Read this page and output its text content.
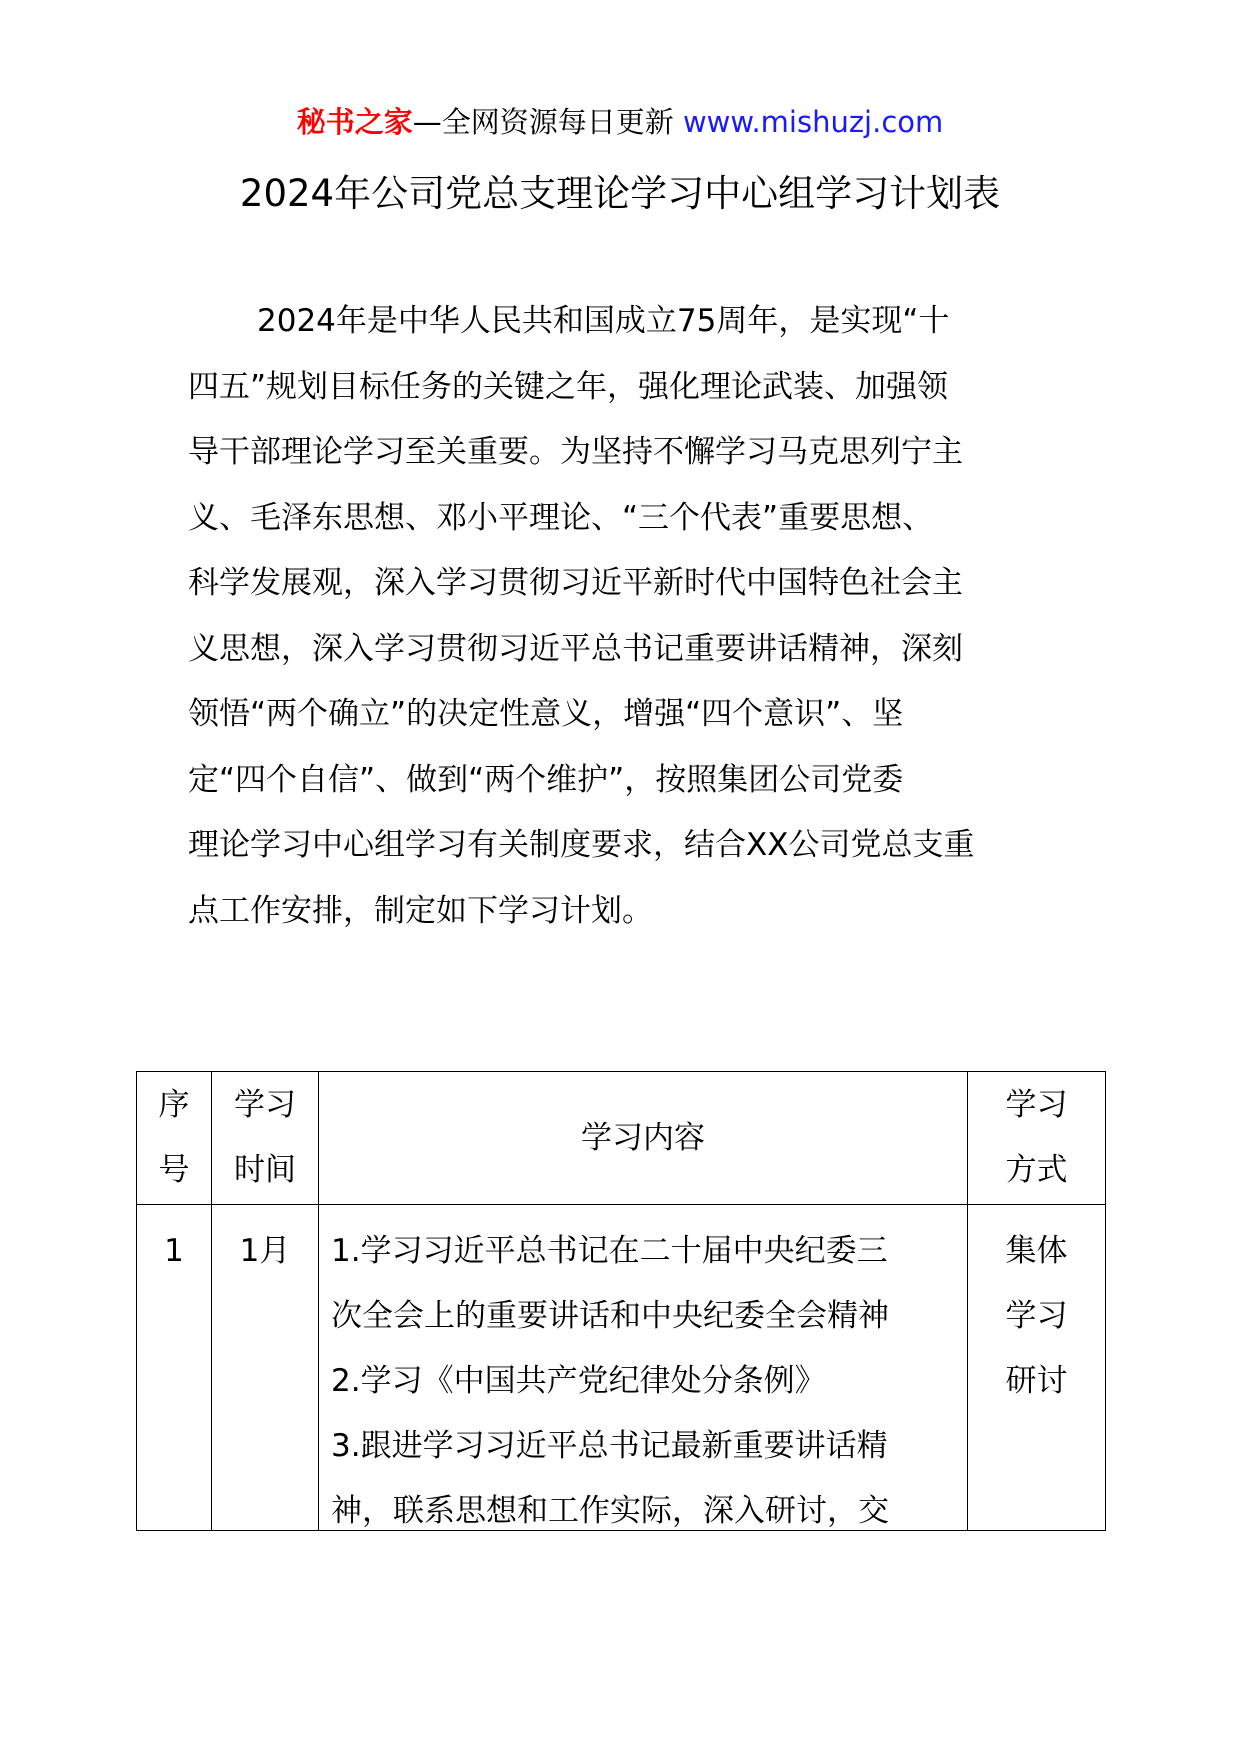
秘书之家—全网资源每日更新 www.mishuzj.com
2024年公司党总支理论学习中心组学习计划表
2024年是中华人民共和国成立75周年，是实现“十
四五”规划目标任务的关键之年，强化理论武装、加强领
导干部理论学习至关重要。为坚持不懈学习马克思列宁主
义、毛泽东思想、邓小平理论、“三个代表”重要思想、
科学发展观，深入学习贯彻习近平新时代中国特色社会主
义思想，深入学习贯彻习近平总书记重要讲话精神，深刻
领悟“两个确立”的决定性意义，增强“四个意识”、坚
定“四个自信”、做到“两个维护”，按照集团公司党委
理论学习中心组学习有关制度要求，结合XX公司党总支重
点工作安排，制定如下学习计划。
序
号
学习
时间
学习内容
学习
方式
1	1月	1.学习习近平总书记在二十届中央纪委三
次全会上的重要讲话和中央纪委全会精神
2.学习《中国共产党纪律处分条例》
3.跟进学习习近平总书记最新重要讲话精
神，联系思想和工作实际，深入研讨，交
集体
学习
研讨
